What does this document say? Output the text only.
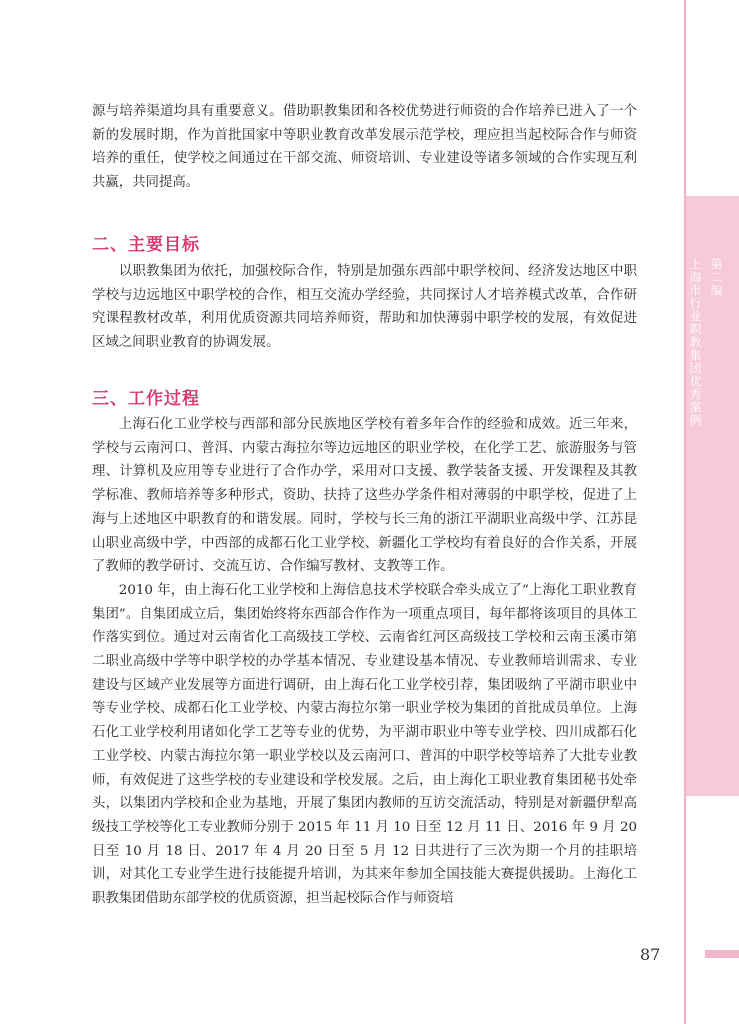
第二编
上海市行业职教集团优秀案例

源与培养渠道均具有重要意义。借助职教集团和各校优势进行师资的合作培养已进入了一个新的发展时期，作为首批国家中等职业教育改革发展示范学校，理应担当起校际合作与师资培养的重任，使学校之间通过在干部交流、师资培训、专业建设等诸多领域的合作实现互利共赢，共同提高。

二、主要目标

以职教集团为依托，加强校际合作，特别是加强东西部中职学校间、经济发达地区中职学校与边远地区中职学校的合作，相互交流办学经验，共同探讨人才培养模式改革，合作研究课程教材改革，利用优质资源共同培养师资，帮助和加快薄弱中职学校的发展，有效促进区域之间职业教育的协调发展。

三、工作过程

上海石化工业学校与西部和部分民族地区学校有着多年合作的经验和成效。近三年来，学校与云南河口、普洱、内蒙古海拉尔等边远地区的职业学校，在化学工艺、旅游服务与管理、计算机及应用等专业进行了合作办学，采用对口支援、教学装备支援、开发课程及其教学标准、教师培养等多种形式，资助、扶持了这些办学条件相对薄弱的中职学校，促进了上海与上述地区中职教育的和谐发展。同时，学校与长三角的浙江平湖职业高级中学、江苏昆山职业高级中学，中西部的成都石化工业学校、新疆化工学校均有着良好的合作关系，开展了教师的教学研讨、交流互访、合作编写教材、支教等工作。

2010 年，由上海石化工业学校和上海信息技术学校联合牵头成立了“上海化工职业教育集团”。自集团成立后，集团始终将东西部合作作为一项重点项目，每年都将该项目的具体工作落实到位。通过对云南省化工高级技工学校、云南省红河区高级技工学校和云南玉溪市第二职业高级中学等中职学校的办学基本情况、专业建设基本情况、专业教师培训需求、专业建设与区域产业发展等方面进行调研，由上海石化工业学校引荐，集团吸纳了平湖市职业中等专业学校、成都石化工业学校、内蒙古海拉尔第一职业学校为集团的首批成员单位。上海石化工业学校利用诸如化学工艺等专业的优势，为平湖市职业中等专业学校、四川成都石化工业学校、内蒙古海拉尔第一职业学校以及云南河口、普洱的中职学校等培养了大批专业教师，有效促进了这些学校的专业建设和学校发展。之后，由上海化工职业教育集团秘书处牵头，以集团内学校和企业为基地，开展了集团内教师的互访交流活动，特别是对新疆伊犁高级技工学校等化工专业教师分别于 2015 年 11 月 10 日至 12 月 11 日、2016 年 9 月 20 日至 10 月 18 日、2017 年 4 月 20 日至 5 月 12 日共进行了三次为期一个月的挂职培训，对其化工专业学生进行技能提升培训，为其来年参加全国技能大赛提供援助。上海化工职教集团借助东部学校的优质资源，担当起校际合作与师资培

87
